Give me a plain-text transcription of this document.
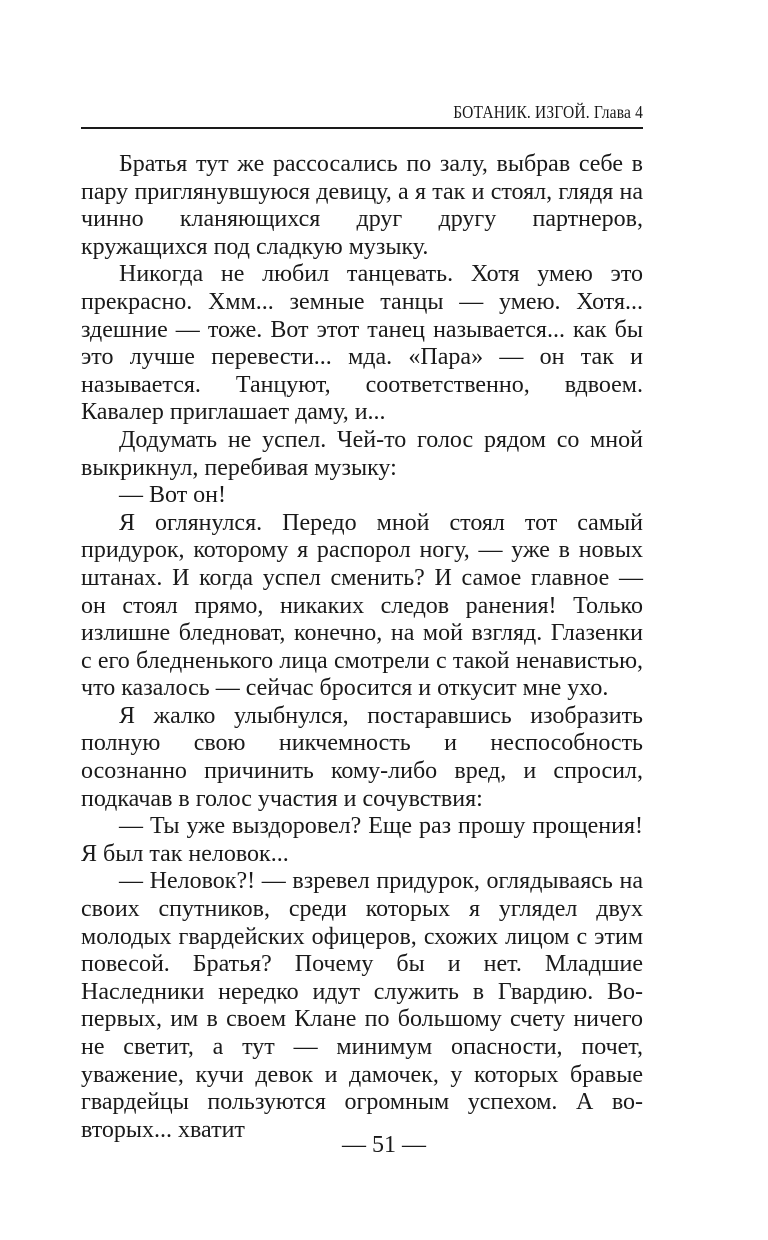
БОТАНИК. ИЗГОЙ. Глава 4

Братья тут же рассосались по залу, выбрав себе в пару приглянувшуюся девицу, а я так и стоял, глядя на чинно кланяющихся друг другу партнеров, кружащихся под сладкую музыку.

Никогда не любил танцевать. Хотя умею это прекрасно. Хмм... земные танцы — умею. Хотя... здешние — тоже. Вот этот танец называется... как бы это лучше перевести... мда. «Пара» — он так и называется. Танцуют, соответственно, вдвоем. Кавалер приглашает даму, и...

Додумать не успел. Чей-то голос рядом со мной выкрикнул, перебивая музыку:

— Вот он!

Я оглянулся. Передо мной стоял тот самый придурок, которому я распорол ногу, — уже в новых штанах. И когда успел сменить? И самое главное — он стоял прямо, никаких следов ранения! Только излишне бледноват, конечно, на мой взгляд. Глазенки с его бледненького лица смотрели с такой ненавистью, что казалось — сейчас бросится и откусит мне ухо.

Я жалко улыбнулся, постаравшись изобразить полную свою никчемность и неспособность осознанно причинить кому-либо вред, и спросил, подкачав в голос участия и сочувствия:

— Ты уже выздоровел? Еще раз прошу прощения! Я был так неловок...

— Неловок?! — взревел придурок, оглядываясь на своих спутников, среди которых я углядел двух молодых гвардейских офицеров, схожих лицом с этим повесой. Братья? Почему бы и нет. Младшие Наследники нередко идут служить в Гвардию. Во-первых, им в своем Клане по большому счету ничего не светит, а тут — минимум опасности, почет, уважение, кучи девок и дамочек, у которых бравые гвардейцы пользуются огромным успехом. А во-вторых... хватит

— 51 —
